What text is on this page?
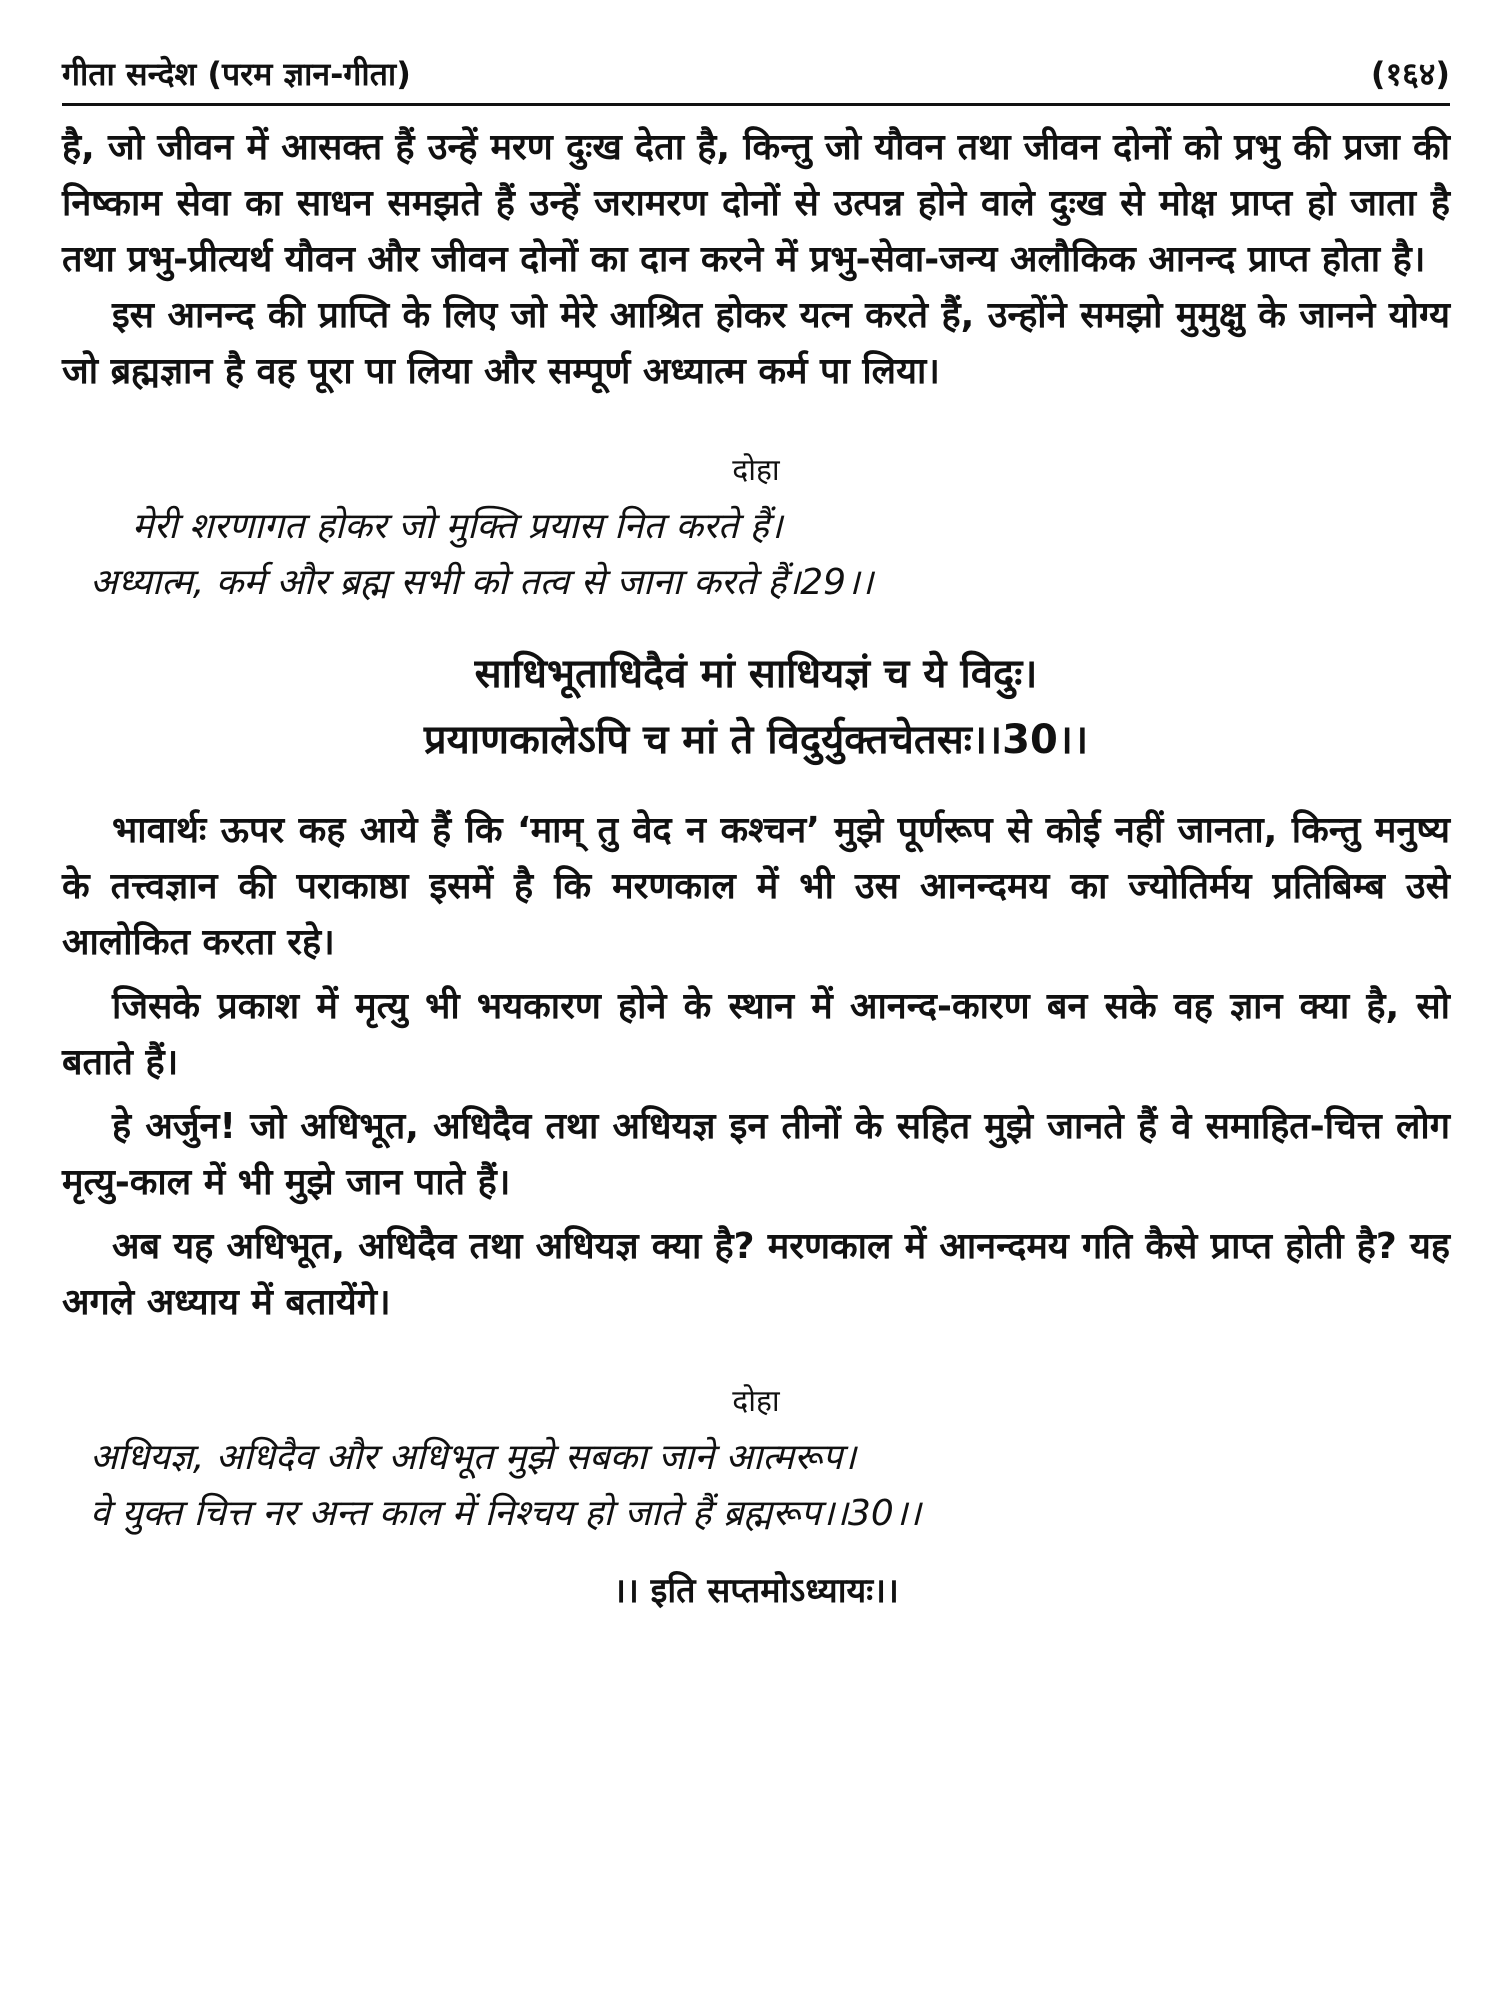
गीता सन्देश (परम ज्ञान-गीता)	(१६४)

है, जो जीवन में आसक्त हैं उन्हें मरण दुःख देता है, किन्तु जो यौवन तथा जीवन दोनों को प्रभु की प्रजा की निष्काम सेवा का साधन समझते हैं उन्हें जरामरण दोनों से उत्पन्न होने वाले दुःख से मोक्ष प्राप्त हो जाता है तथा प्रभु-प्रीत्यर्थ यौवन और जीवन दोनों का दान करने में प्रभु-सेवा-जन्य अलौकिक आनन्द प्राप्त होता है।

इस आनन्द की प्राप्ति के लिए जो मेरे आश्रित होकर यत्न करते हैं, उन्होंने समझो मुमुक्षु के जानने योग्य जो ब्रह्मज्ञान है वह पूरा पा लिया और सम्पूर्ण अध्यात्म कर्म पा लिया।

दोहा

मेरी शरणागत होकर जो मुक्ति प्रयास नित करते हैं।

अध्यात्म, कर्म और ब्रह्म सभी को तत्व से जाना करते हैं।29।।

साधिभूताधिदैवं मां साधियज्ञं च ये विदुः।
प्रयाणकालेऽपि च मां ते विदुर्युक्तचेतसः।।30।।

भावार्थः ऊपर कह आये हैं कि ‘माम् तु वेद न कश्चन’ मुझे पूर्णरूप से कोई नहीं जानता, किन्तु मनुष्य के तत्त्वज्ञान की पराकाष्ठा इसमें है कि मरणकाल में भी उस आनन्दमय का ज्योतिर्मय प्रतिबिम्ब उसे आलोकित करता रहे।

जिसके प्रकाश में मृत्यु भी भयकारण होने के स्थान में आनन्द-कारण बन सके वह ज्ञान क्या है, सो बताते हैं।

हे अर्जुन! जो अधिभूत, अधिदैव तथा अधियज्ञ इन तीनों के सहित मुझे जानते हैं वे समाहित-चित्त लोग मृत्यु-काल में भी मुझे जान पाते हैं।

अब यह अधिभूत, अधिदैव तथा अधियज्ञ क्या है? मरणकाल में आनन्दमय गति कैसे प्राप्त होती है? यह अगले अध्याय में बतायेंगे।

दोहा

अधियज्ञ, अधिदैव और अधिभूत मुझे सबका जाने आत्मरूप।

वे युक्त चित्त नर अन्त काल में निश्चय हो जाते हैं ब्रह्मरूप।।30।।

।। इति सप्तमोऽध्यायः।।
